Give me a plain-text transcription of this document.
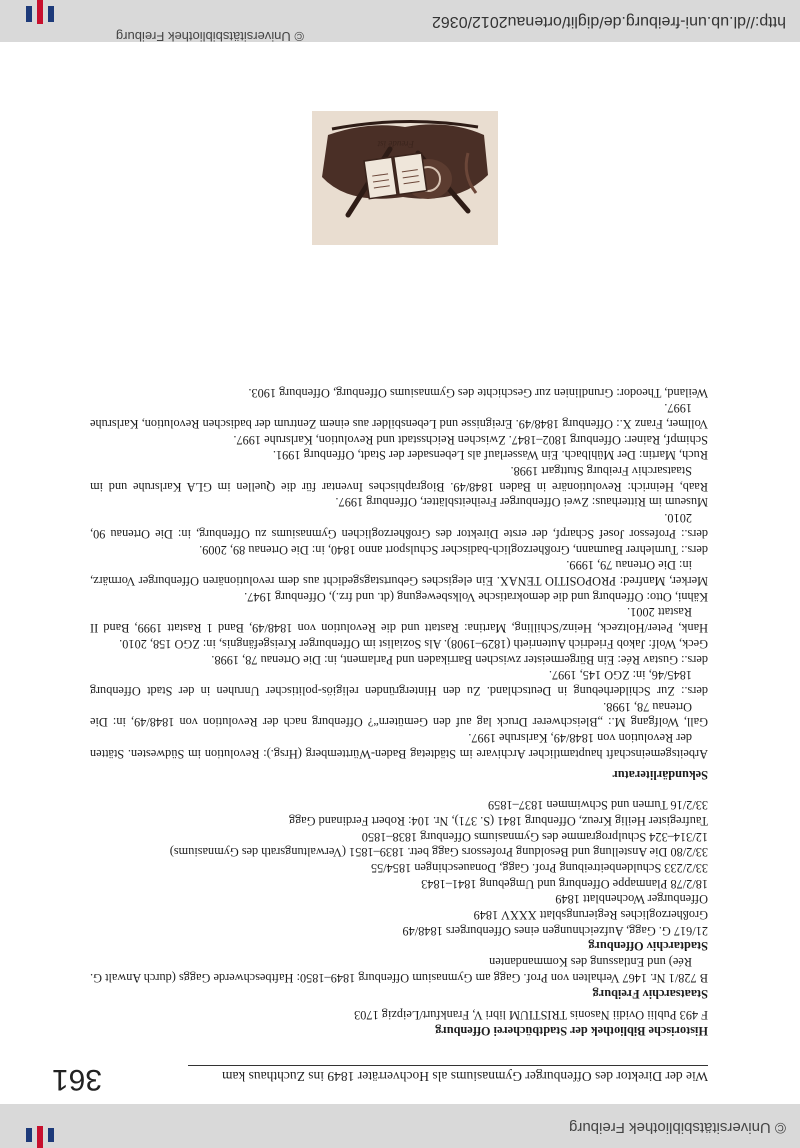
© Universitätsbibliothek Freiburg
Wie der Direktor des Offenburger Gymnasiums als Hochverräter 1849 ins Zuchthaus kam
361

Historische Bibliothek der Stadtbücherei Offenburg

F 493 Publii Ovidii Nasonis TRISTIUM libri V, Frankfurt/Leipzig 1703

Staatsarchiv Freiburg

B 728/1 Nr. 1467 Verhalten von Prof. Gagg am Gymnasium Offenburg 1849–1850: Haftbeschwerde Gaggs (durch Anwalt G. Rée) und Entlassung des Kommandanten

Stadtarchiv Offenburg

21/617 G. Gagg, Aufzeichnungen eines Offenburgers 1848/49

Großherzogliches Regierungsblatt XXXV 1849

Offenburger Wochenblatt 1849

18/2/78 Planmappe Offenburg und Umgebung 1841–1843

33/2/233 Schuldenbeitreibung Prof. Gagg, Donaueschingen 1854/55

33/2/80 Die Anstellung und Besoldung Professors Gagg betr. 1839–1851 (Verwaltungsrath des Gymnasiums)

12/314–324 Schulprogramme des Gymnasiums Offenburg 1838–1850

Taufregister Heilig Kreuz, Offenburg 1841 (S. 371), Nr. 104: Robert Ferdinand Gagg

33/2/16 Turnen und Schwimmen 1837–1859

Sekundärliteratur

Arbeitsgemeinschaft hauptamtlicher Archivare im Städtetag Baden-Württemberg (Hrsg.): Revolution im Südwesten. Stätten der Revolution von 1848/49, Karlsruhe 1997.

Gall, Wolfgang M.: „Bleischwerer Druck lag auf den Gemütern“? Offenburg nach der Revolution von 1848/49, in: Die Ortenau 78, 1998.

ders.: Zur Schilderhebung in Deutschland. Zu den Hintergründen religiös-politischer Unruhen in der Stadt Offenburg 1845/46, in: ZGO 145, 1997.

ders.: Gustav Rée: Ein Bürgermeister zwischen Barrikaden und Parlament, in: Die Ortenau 78, 1998.

Geck, Wolf: Jakob Friedrich Autenrieth (1829–1908). Als Sozialist im Offenburger Kreisgefängnis, in: ZGO 158, 2010.

Hank, Peter/Holtzeck, Heinz/Schilling, Martina: Rastatt und die Revolution von 1848/49, Band 1 Rastatt 1999, Band II Rastatt 2001.

Kähni, Otto: Offenburg und die demokratische Volksbewegung (dt. und frz.), Offenburg 1947.

Merker, Manfred: PROPOSITIO TENAX. Ein elegisches Geburtstagsgedicht aus dem revolutionären Offenburger Vormärz, in: Die Ortenau 79, 1999.

ders.: Turnlehrer Baumann, Großherzoglich-badischer Schulsport anno 1840, in: Die Ortenau 89, 2009.

ders.: Professor Josef Scharpf, der erste Direktor des Großherzoglichen Gymnasiums zu Offenburg, in: Die Ortenau 90, 2010.

Museum im Ritterhaus: Zwei Offenburger Freiheitsblätter, Offenburg 1997.

Raab, Heinrich: Revolutionäre in Baden 1848/49. Biographisches Inventar für die Quellen im GLA Karlsruhe und im Staatsarchiv Freiburg Stuttgart 1998.

Ruch, Martin: Der Mühlbach. Ein Wasserlauf als Lebensader der Stadt, Offenburg 1991.

Schimpf, Rainer: Offenburg 1802–1847. Zwischen Reichsstadt und Revolution, Karlsruhe 1997.

Vollmer, Franz X.: Offenburg 1848/49. Ereignisse und Lebensbilder aus einem Zentrum der badischen Revolution, Karlsruhe 1997.

Weiland, Theodor: Grundlinien zur Geschichte des Gymnasiums Offenburg, Offenburg 1903.

Freude ist
http://dl.ub.uni-freiburg.de/diglit/ortenau2012/0362
© Universitätsbibliothek Freiburg
